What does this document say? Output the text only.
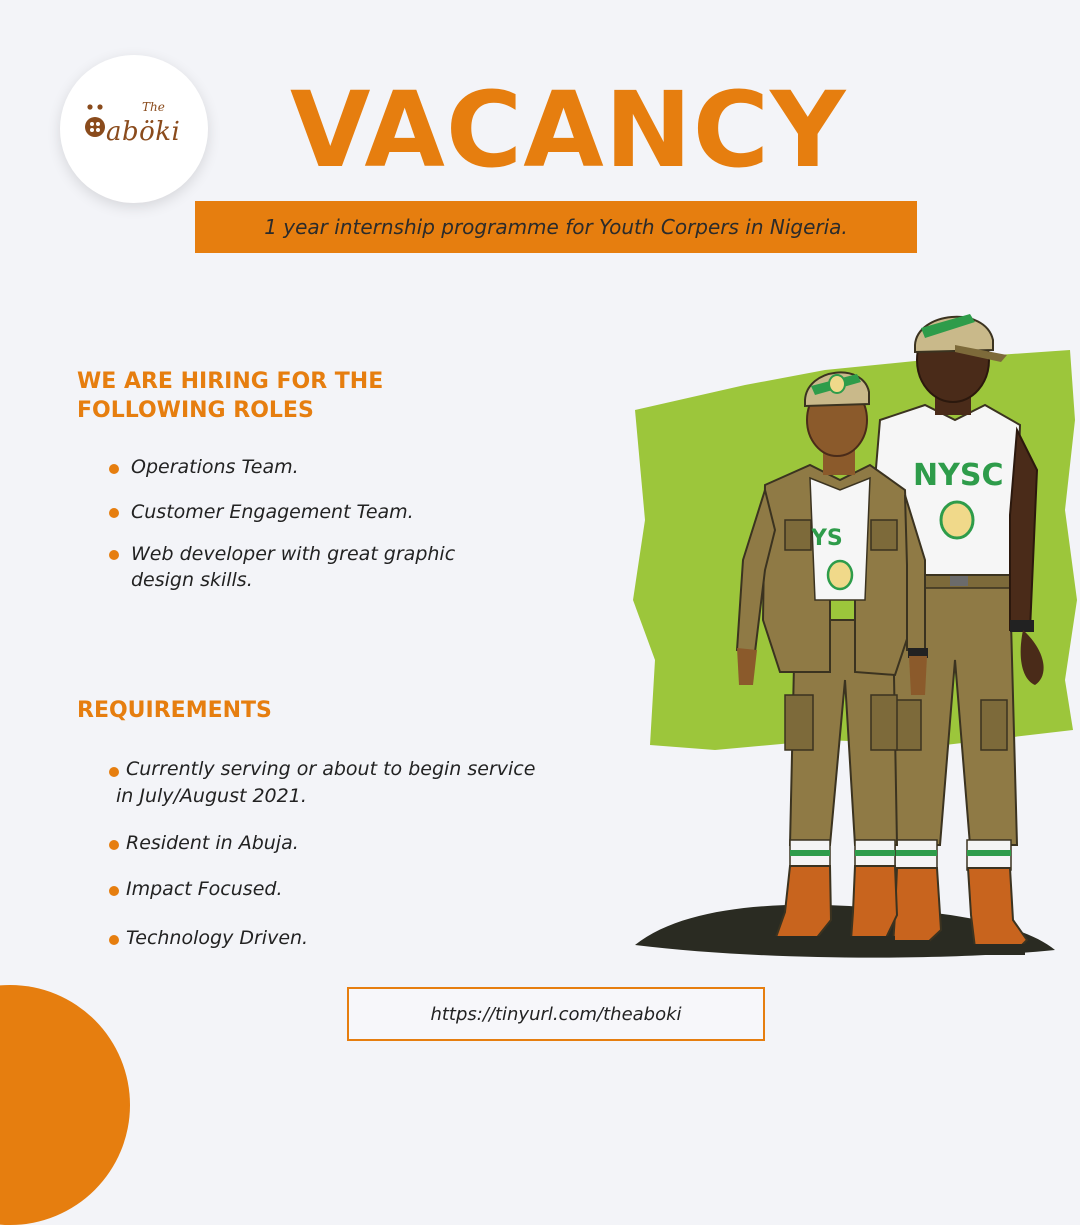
The
aböki VACANCY
1 year internship programme for Youth Corpers in Nigeria.
WE ARE HIRING FOR THE
FOLLOWING ROLES
Operations Team.
Customer Engagement Team.
Web developer with great graphic
design skills.
REQUIREMENTS
Currently serving or about to begin service
in July/August 2021.
Resident in Abuja.
Impact Focused.
Technology Driven.
NYSC
YS
https://tinyurl.com/theaboki
